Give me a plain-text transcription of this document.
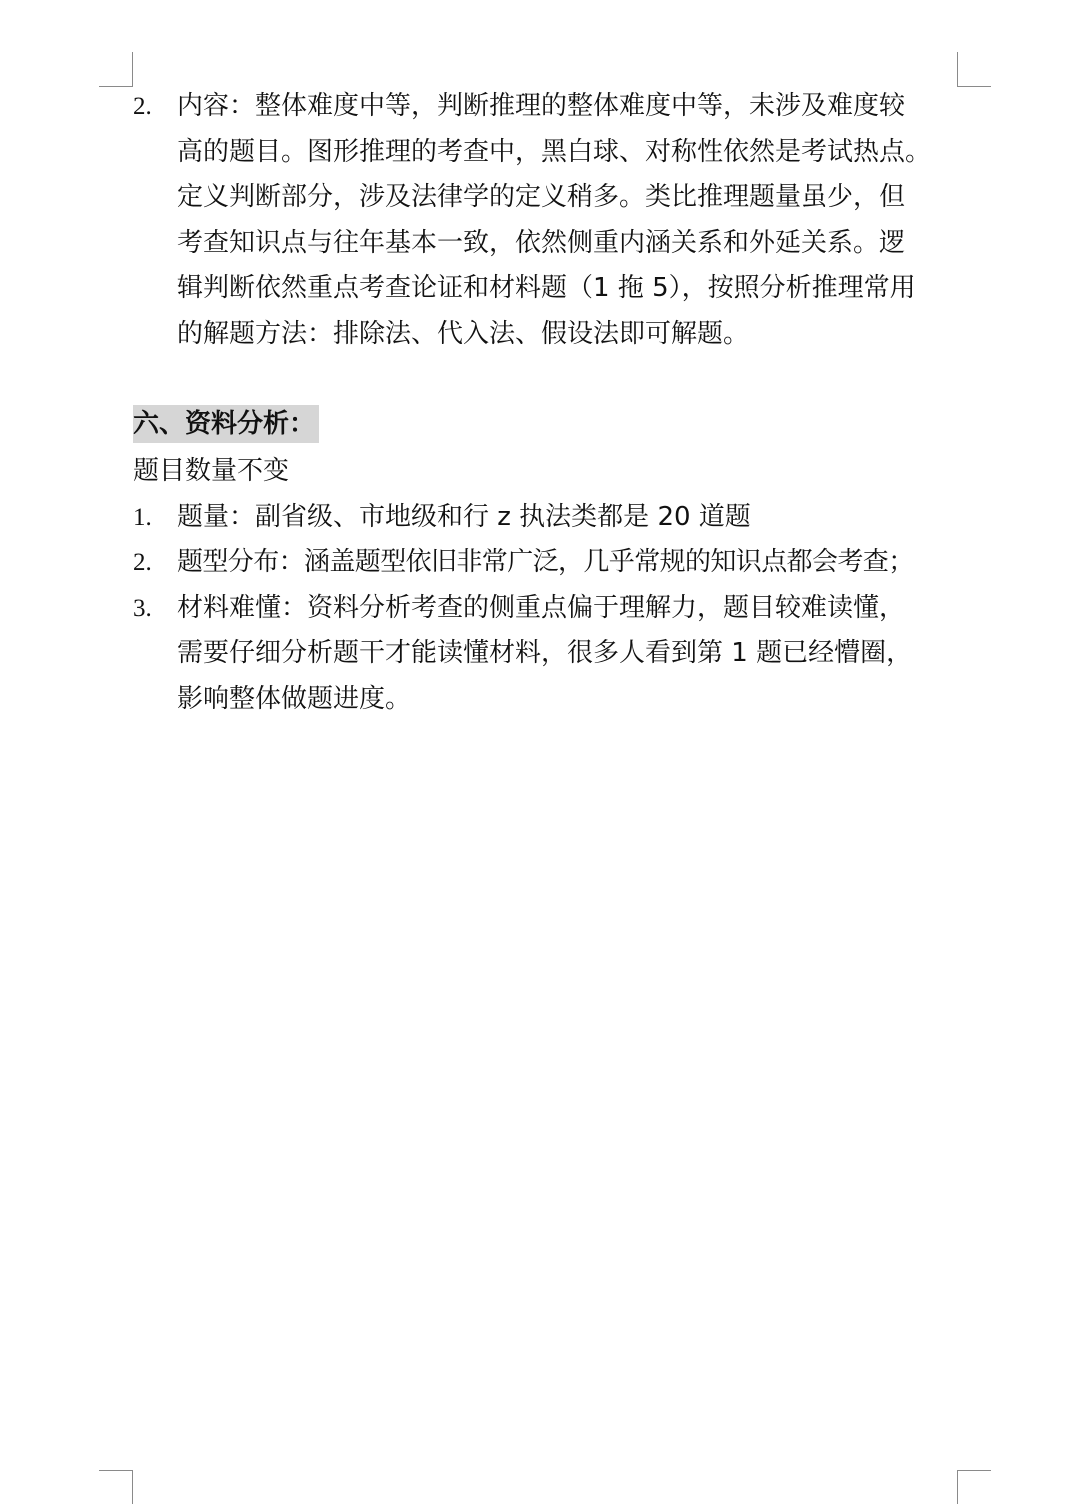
2. 内容：整体难度中等，判断推理的整体难度中等，未涉及难度较
高的题目。图形推理的考查中，黑白球、对称性依然是考试热点。
定义判断部分，涉及法律学的定义稍多。类比推理题量虽少，但
考查知识点与往年基本一致，依然侧重内涵关系和外延关系。逻
辑判断依然重点考查论证和材料题（1 拖 5），按照分析推理常用
的解题方法：排除法、代入法、假设法即可解题。
六、资料分析：
题目数量不变
1. 题量：副省级、市地级和行 z 执法类都是 20 道题
2. 题型分布：涵盖题型依旧非常广泛，几乎常规的知识点都会考查；
3. 材料难懂：资料分析考查的侧重点偏于理解力，题目较难读懂，
需要仔细分析题干才能读懂材料，很多人看到第 1 题已经懵圈，
影响整体做题进度。
